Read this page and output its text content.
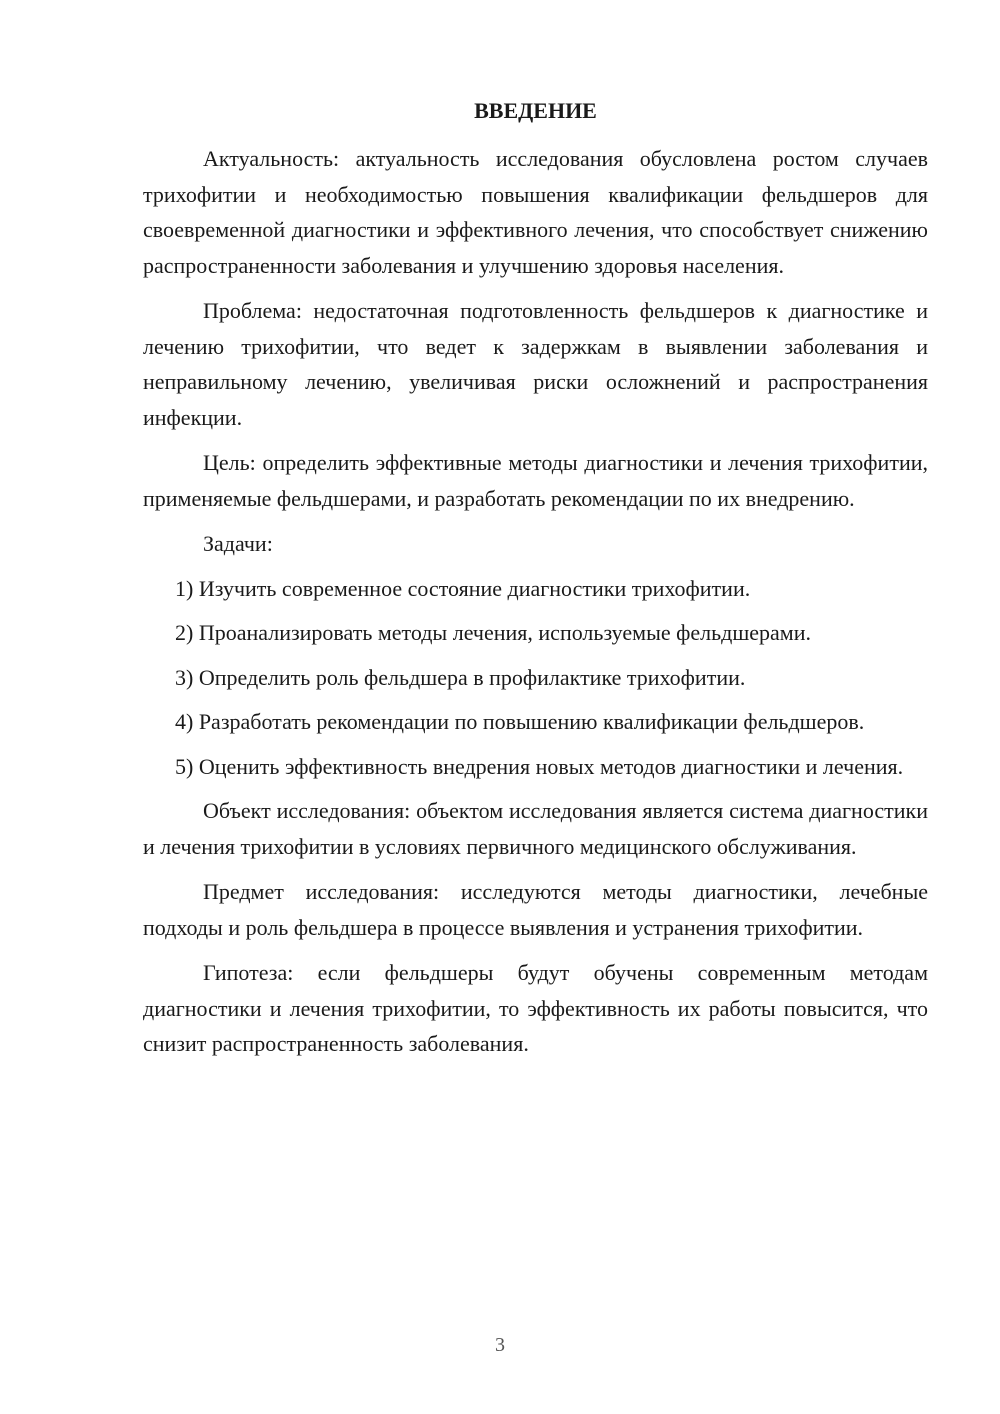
ВВЕДЕНИЕ

Актуальность: актуальность исследования обусловлена ростом случаев трихофитии и необходимостью повышения квалификации фельдшеров для своевременной диагностики и эффективного лечения, что способствует снижению распространенности заболевания и улучшению здоровья населения.

Проблема: недостаточная подготовленность фельдшеров к диагностике и лечению трихофитии, что ведет к задержкам в выявлении заболевания и неправильному лечению, увеличивая риски осложнений и распространения инфекции.

Цель: определить эффективные методы диагностики и лечения трихофитии, применяемые фельдшерами, и разработать рекомендации по их внедрению.

Задачи:

1) Изучить современное состояние диагностики трихофитии.

2) Проанализировать методы лечения, используемые фельдшерами.

3) Определить роль фельдшера в профилактике трихофитии.

4) Разработать рекомендации по повышению квалификации фельдшеров.

5) Оценить эффективность внедрения новых методов диагностики и лечения.

Объект исследования: объектом исследования является система диагностики и лечения трихофитии в условиях первичного медицинского обслуживания.

Предмет исследования: исследуются методы диагностики, лечебные подходы и роль фельдшера в процессе выявления и устранения трихофитии.

Гипотеза: если фельдшеры будут обучены современным методам диагностики и лечения трихофитии, то эффективность их работы повысится, что снизит распространенность заболевания.

3
